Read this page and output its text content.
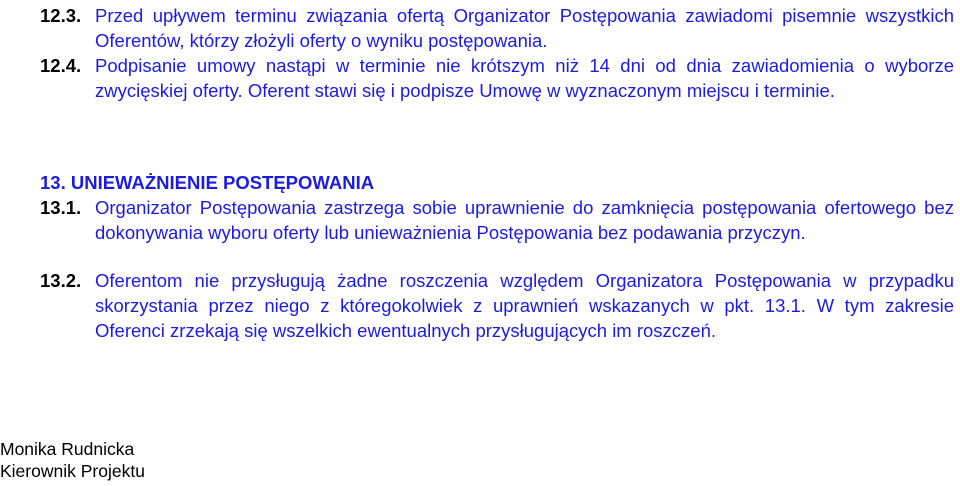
12.3. Przed upływem terminu związania ofertą Organizator Postępowania zawiadomi pisemnie wszystkich Oferentów, którzy złożyli oferty o wyniku postępowania.
12.4. Podpisanie umowy nastąpi w terminie nie krótszym niż 14 dni od dnia zawiadomienia o wyborze zwycięskiej oferty. Oferent stawi się i podpisze Umowę w wyznaczonym miejscu i terminie.
13. UNIEWAŻNIENIE POSTĘPOWANIA
13.1. Organizator Postępowania zastrzega sobie uprawnienie do zamknięcia postępowania ofertowego bez dokonywania wyboru oferty lub unieważnienia Postępowania bez podawania przyczyn.
13.2. Oferentom nie przysługują żadne roszczenia względem Organizatora Postępowania w przypadku skorzystania przez niego z któregokolwiek z uprawnień wskazanych w pkt. 13.1. W tym zakresie Oferenci zrzekają się wszelkich ewentualnych przysługujących im roszczeń.
Monika Rudnicka
Kierownik Projektu
